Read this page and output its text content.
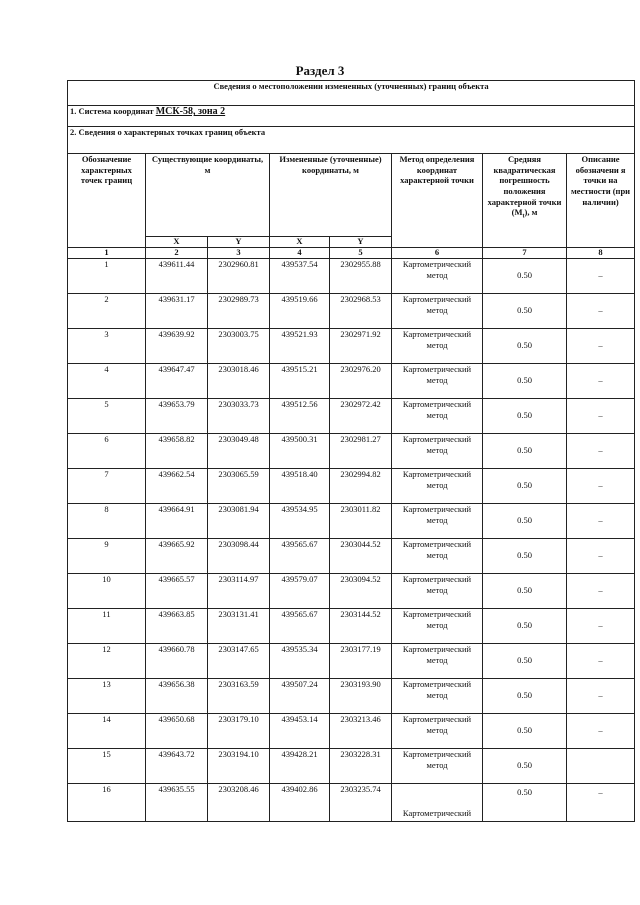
Раздел 3
Сведения о местоположении измененных (уточненных) границ объекта							
1. Система координат МСК-58, зона 2							
2. Сведения о характерных точках границ объекта							
Обозначение характерных точек границ	Существующие координаты, м		Измененные (уточненные) координаты, м		Метод определения координат характерной точки	Средняя квадратическая погрешность положения характерной точки $(M_t)$, м	Описание обозначени я точки на местности (при наличии)
	X	Y	X	Y			
1	2	3	4	5	6	7	8
1	439611.44	2302960.81	439537.54	2302955.88	Картометрический метод	0.50	–
2	439631.17	2302989.73	439519.66	2302968.53	Картометрический метод	0.50	–
3	439639.92	2303003.75	439521.93	2302971.92	Картометрический метод	0.50	–
4	439647.47	2303018.46	439515.21	2302976.20	Картометрический метод	0.50	–
5	439653.79	2303033.73	439512.56	2302972.42	Картометрический метод	0.50	–
6	439658.82	2303049.48	439500.31	2302981.27	Картометрический метод	0.50	–
7	439662.54	2303065.59	439518.40	2302994.82	Картометрический метод	0.50	–
8	439664.91	2303081.94	439534.95	2303011.82	Картометрический метод	0.50	–
9	439665.92	2303098.44	439565.67	2303044.52	Картометрический метод	0.50	–
10	439665.57	2303114.97	439579.07	2303094.52	Картометрический метод	0.50	–
11	439663.85	2303131.41	439565.67	2303144.52	Картометрический метод	0.50	–
12	439660.78	2303147.65	439535.34	2303177.19	Картометрический метод	0.50	–
13	439656.38	2303163.59	439507.24	2303193.90	Картометрический метод	0.50	–
14	439650.68	2303179.10	439453.14	2303213.46	Картометрический метод	0.50	–
15	439643.72	2303194.10	439428.21	2303228.31	Картометрический метод	0.50	
16	439635.55	2303208.46	439402.86	2303235.74	Картометрический	0.50	–
